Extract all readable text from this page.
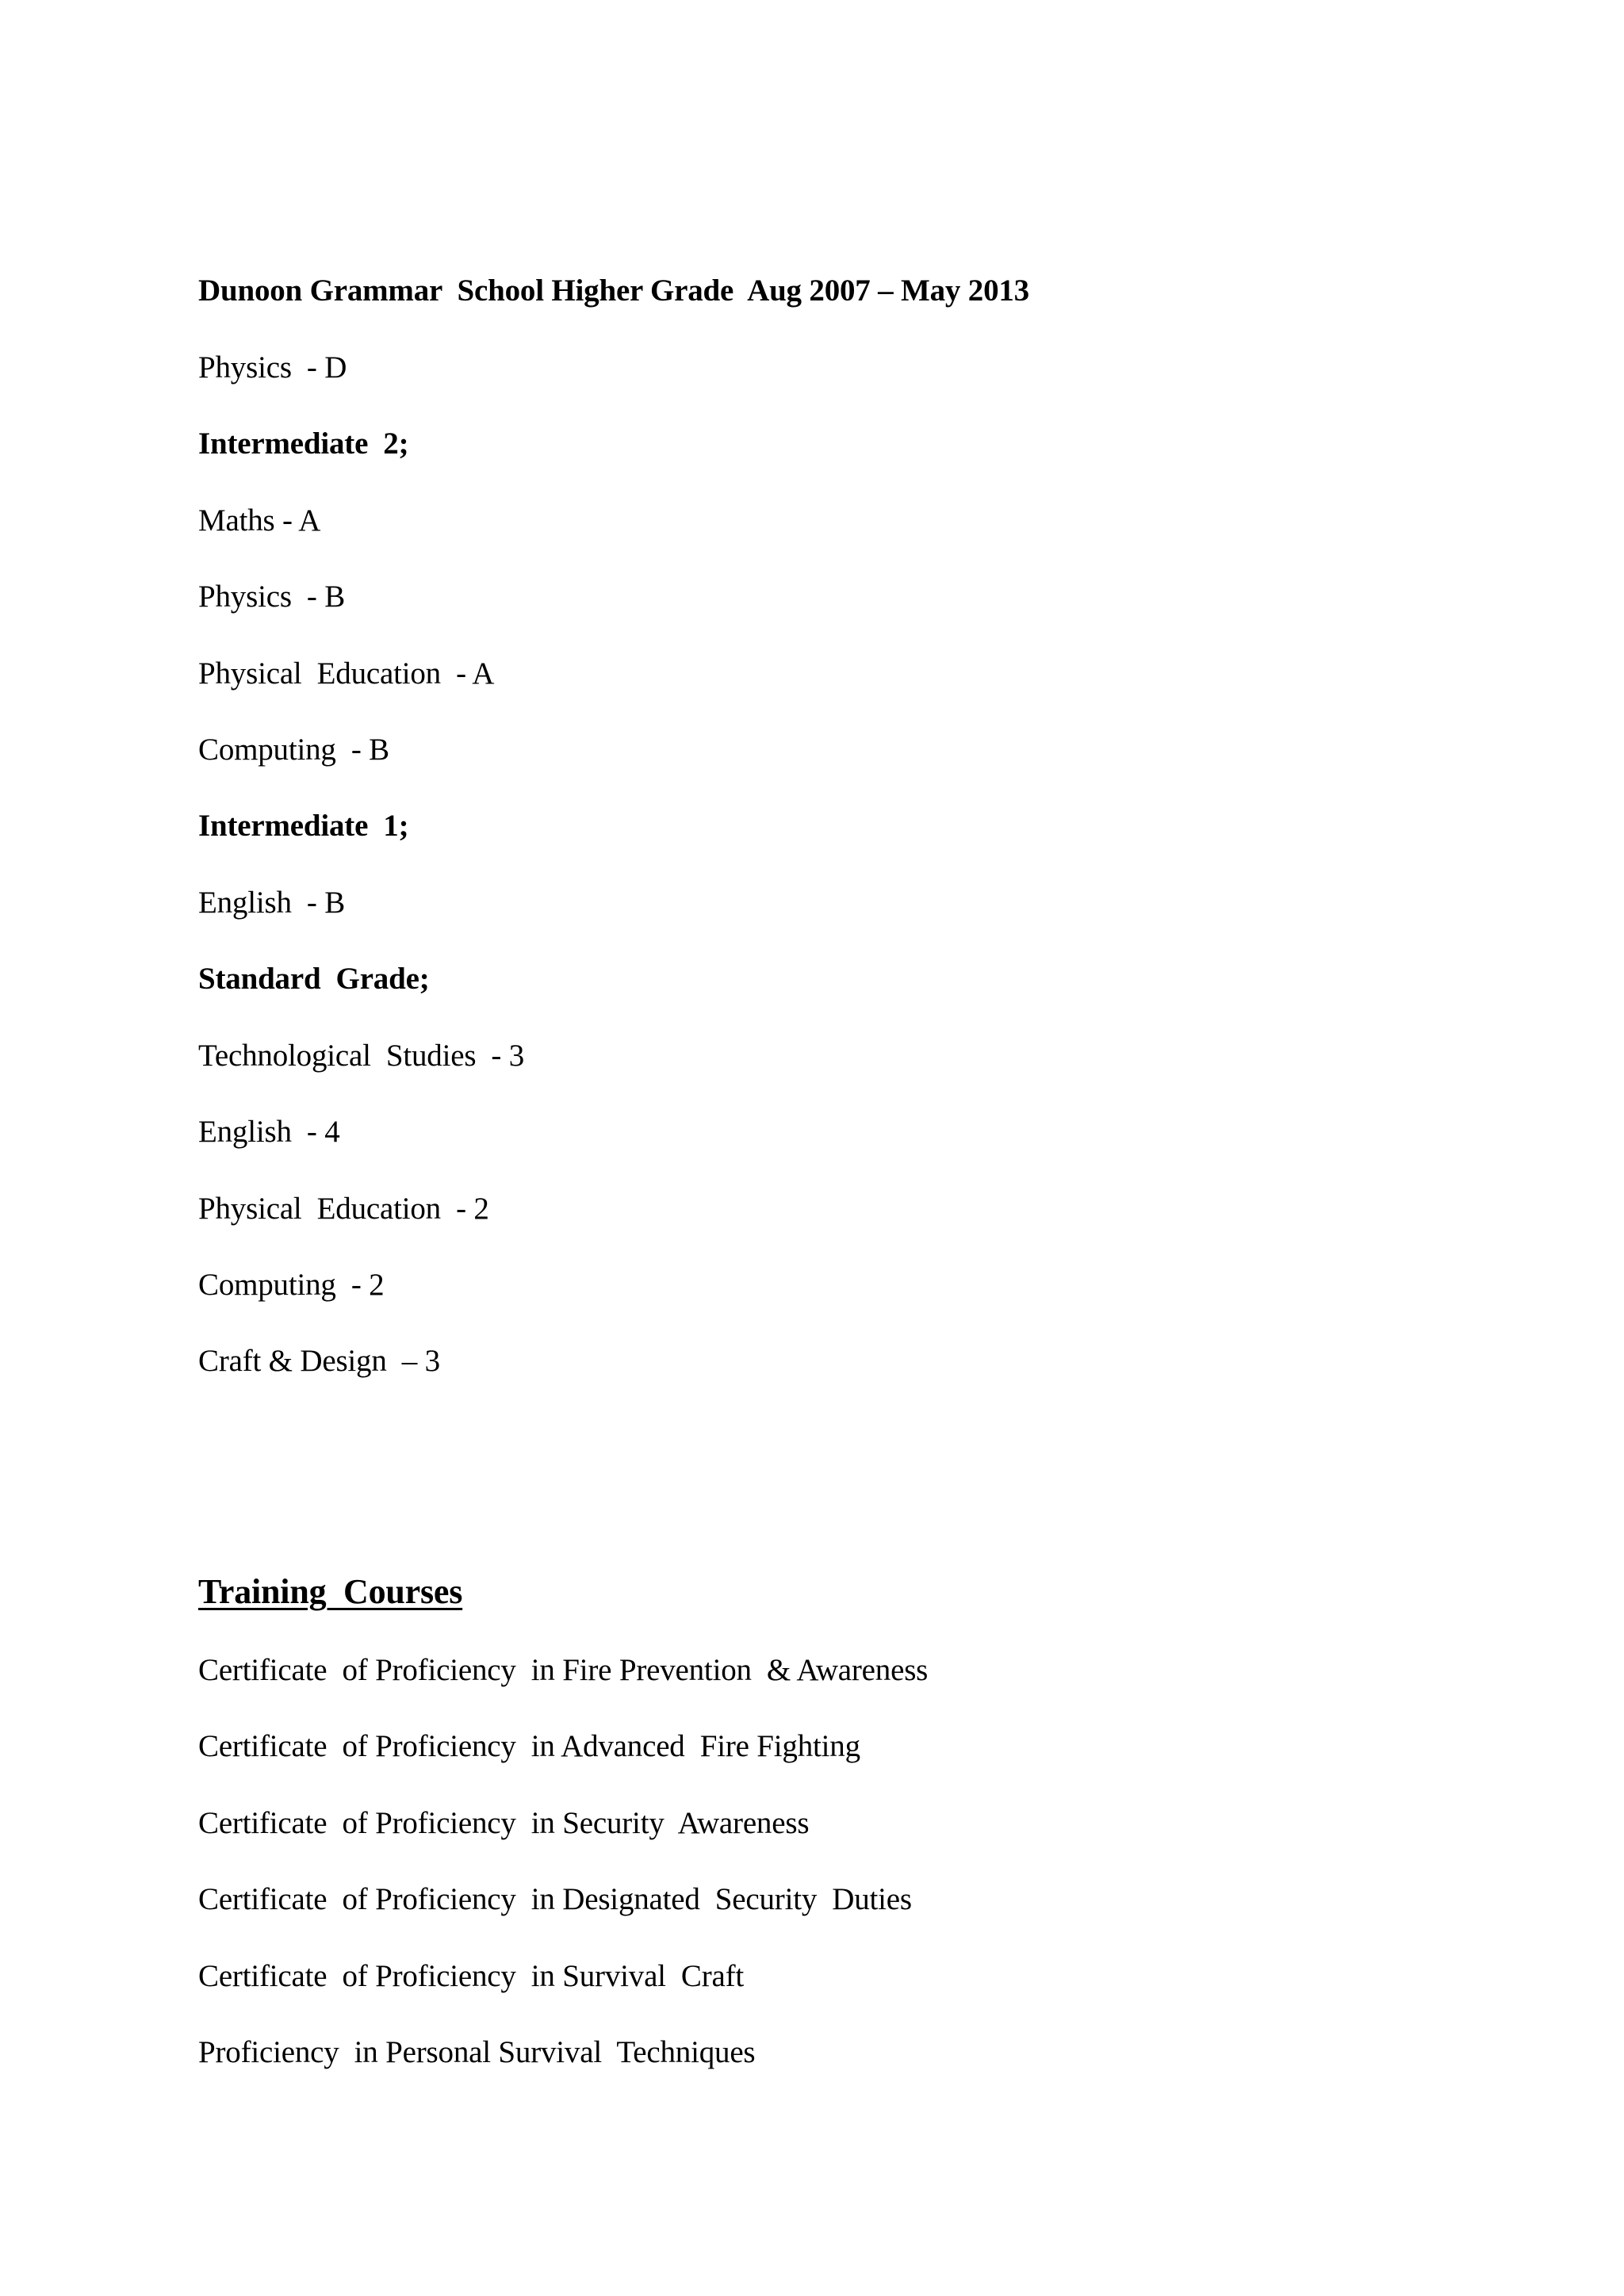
Dunoon Grammar  School Higher Grade  Aug 2007 – May 2013
Physics  - D
Intermediate  2;
Maths - A
Physics  - B
Physical  Education  - A
Computing  - B
Intermediate  1;
English  - B
Standard  Grade;
Technological  Studies  - 3
English  - 4
Physical  Education  - 2
Computing  - 2
Craft & Design  – 3
Training  Courses
Certificate  of Proficiency  in Fire Prevention  & Awareness
Certificate  of Proficiency  in Advanced  Fire Fighting
Certificate  of Proficiency  in Security  Awareness
Certificate  of Proficiency  in Designated  Security  Duties
Certificate  of Proficiency  in Survival  Craft
Proficiency  in Personal Survival  Techniques
